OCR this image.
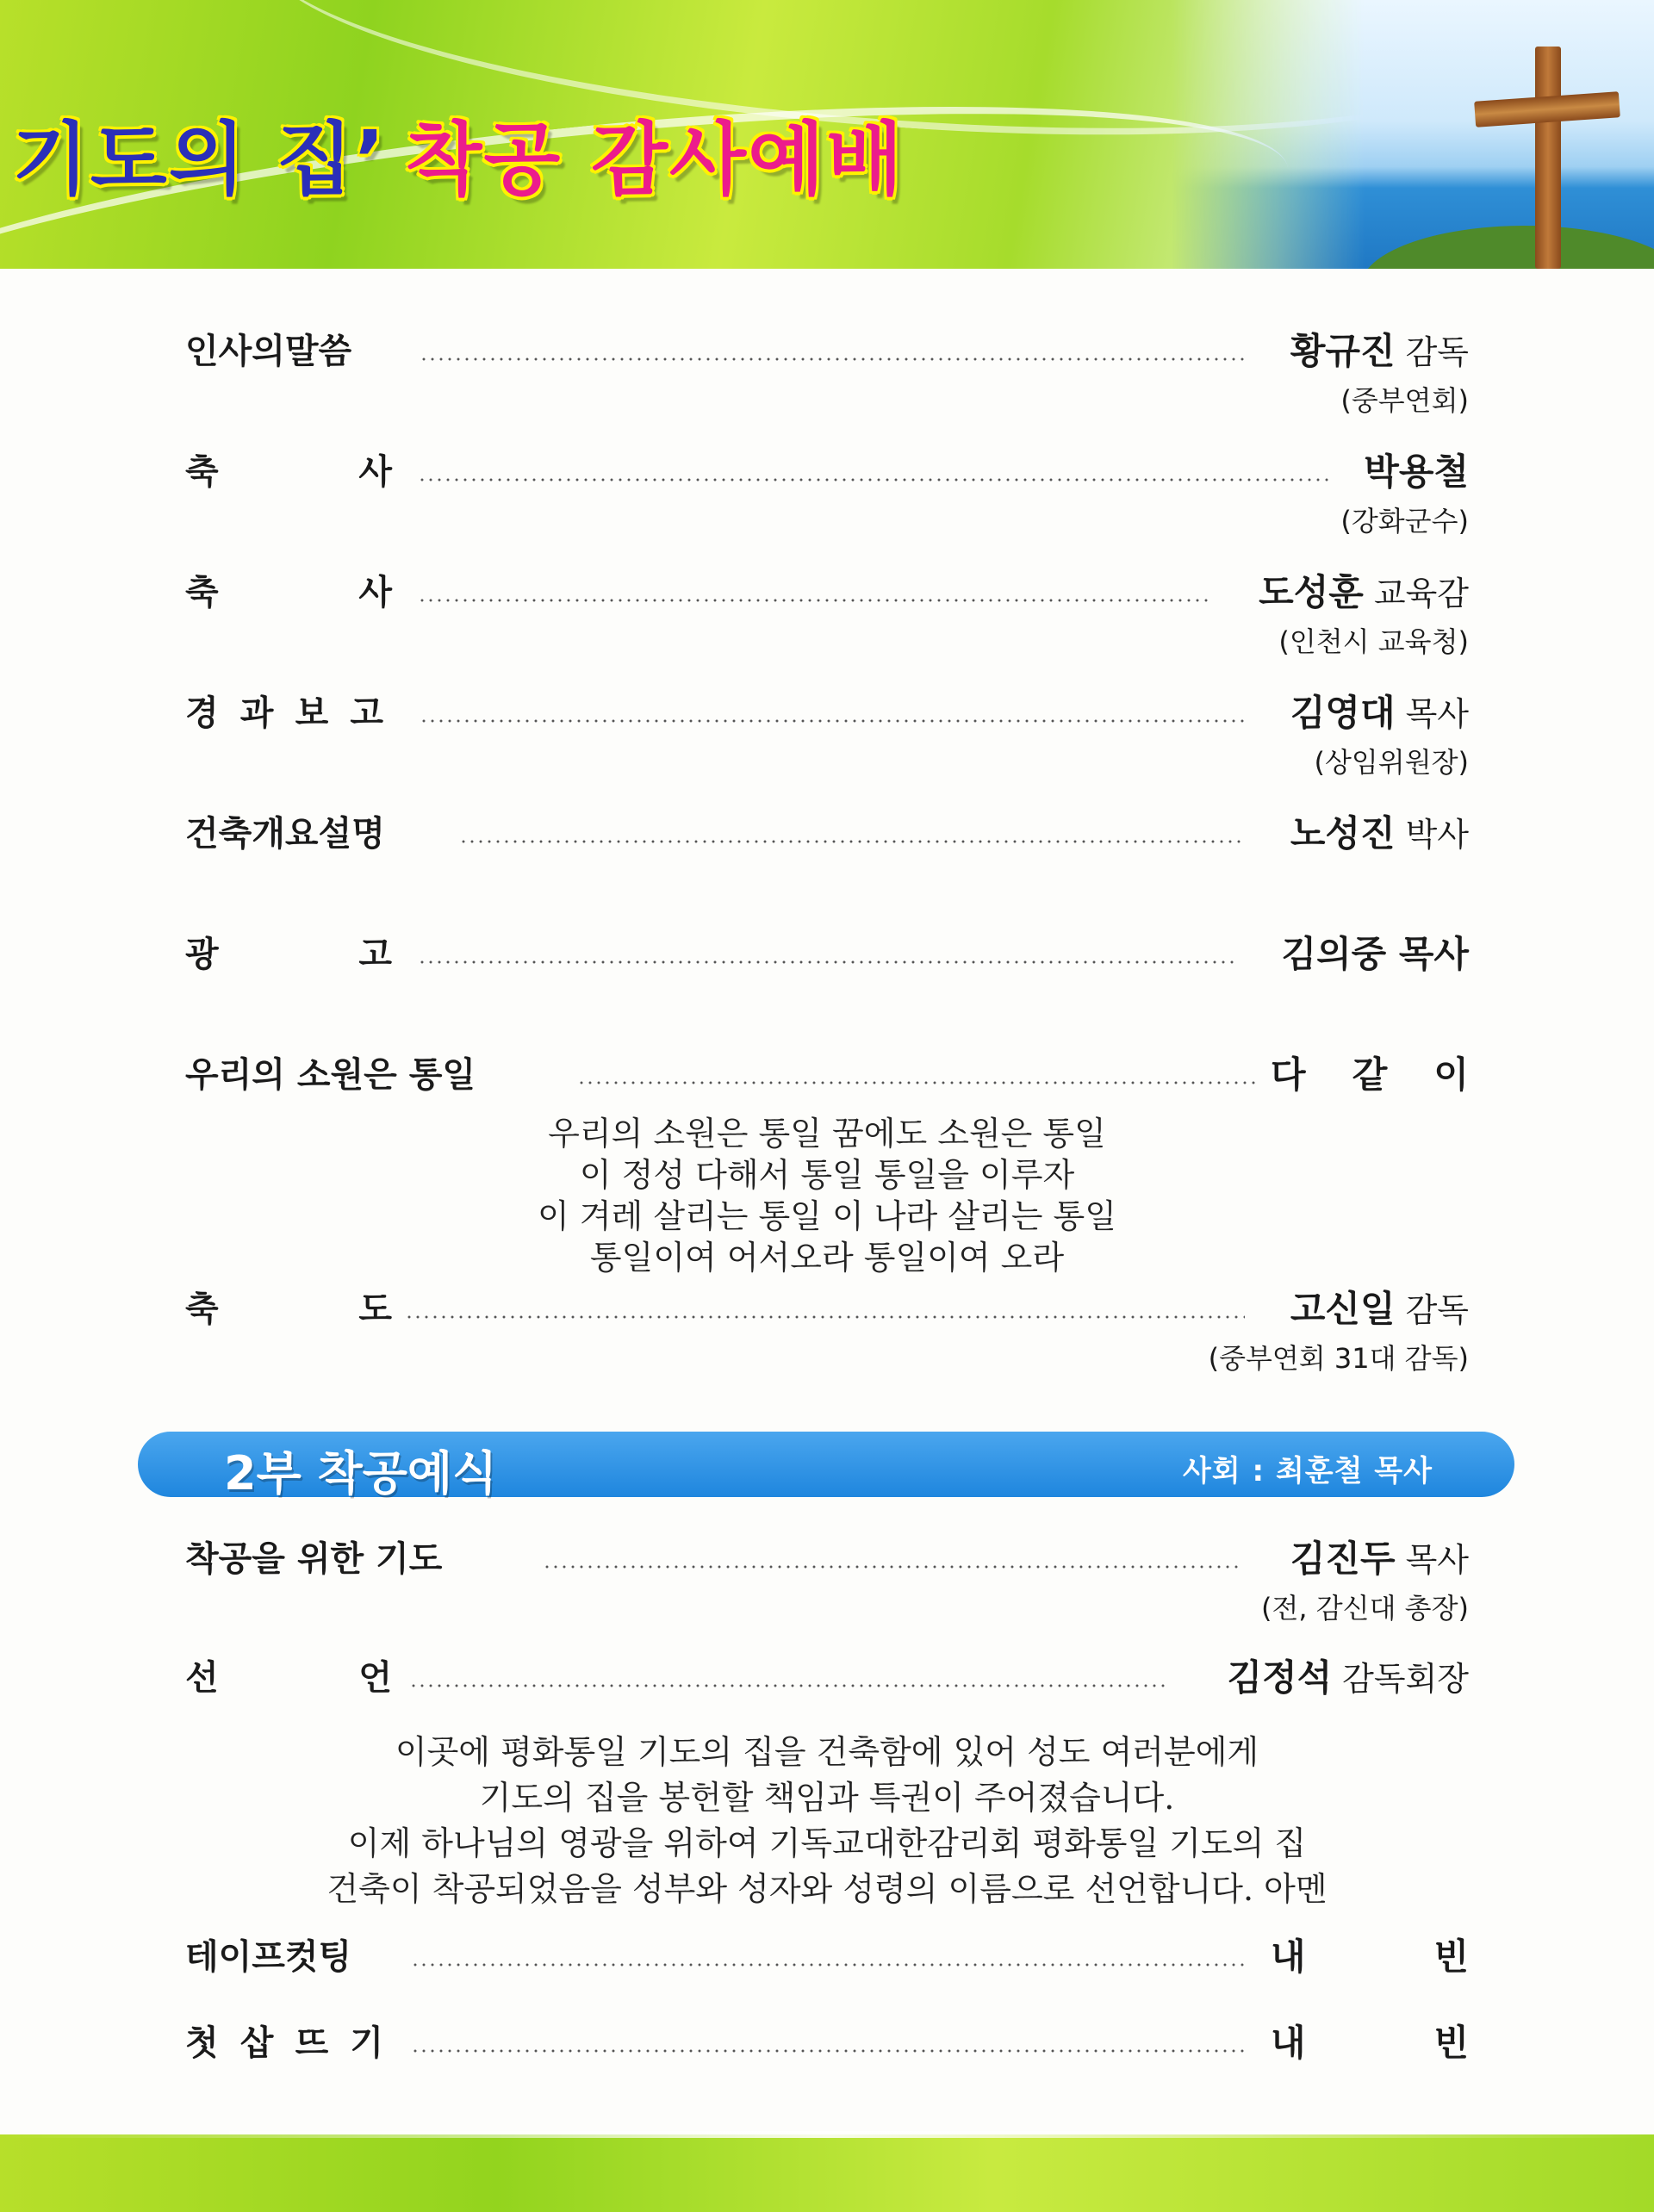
기도의 집’ 착공 감사예배
인사의말씀	황규진 감독
(중부연회)
축	사	박용철
(강화군수)
축	사	도성훈 교육감
(인천시 교육청)
경 과 보 고	김영대 목사
(상임위원장)
건축개요설명	노성진 박사
광	고	김의중 목사
우리의 소원은 통일	다 같 이

우리의 소원은 통일 꿈에도 소원은 통일

이 정성 다해서 통일 통일을 이루자

이 겨레 살리는 통일 이 나라 살리는 통일

통일이여 어서오라 통일이여 오라

축	도	고신일 감독
(중부연회 31대 감독)
2부 착공예식	사회 : 최훈철 목사
착공을 위한 기도	김진두 목사
(전, 감신대 총장)
선	언	김정석 감독회장

이곳에 평화통일 기도의 집을 건축함에 있어 성도 여러분에게

기도의 집을 봉헌할 책임과 특권이 주어졌습니다.

이제 하나님의 영광을 위하여 기독교대한감리회 평화통일 기도의 집

건축이 착공되었음을 성부와 성자와 성령의 이름으로 선언합니다. 아멘

테이프컷팅	내	빈
첫 삽 뜨 기	내	빈
